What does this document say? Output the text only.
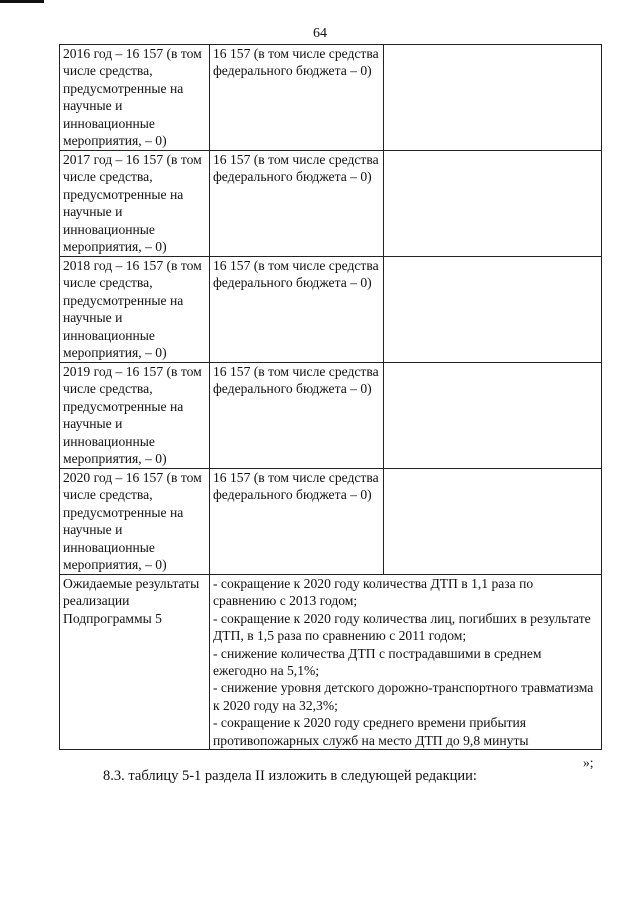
64
2016 год – 16 157 (в том числе средства, предусмотренные на научные и инновационные мероприятия, – 0)	16 157 (в том числе средства федерального бюджета – 0)	
2017 год – 16 157 (в том числе средства, предусмотренные на научные и инновационные мероприятия, – 0)	16 157 (в том числе средства федерального бюджета – 0)	
2018 год – 16 157 (в том числе средства, предусмотренные на научные и инновационные мероприятия, – 0)	16 157 (в том числе средства федерального бюджета – 0)	
2019 год – 16 157 (в том числе средства, предусмотренные на научные и инновационные мероприятия, – 0)	16 157 (в том числе средства федерального бюджета – 0)	
2020 год – 16 157 (в том числе средства, предусмотренные на научные и инновационные мероприятия, – 0)	16 157 (в том числе средства федерального бюджета – 0)	
Ожидаемые результаты реализации Подпрограммы 5	- сокращение к 2020 году количества ДТП в 1,1 раза по сравнению с 2013 годом;
- сокращение к 2020 году количества лиц, погибших в результате ДТП, в 1,5 раза по сравнению с 2011 годом;
- снижение количества ДТП с пострадавшими в среднем ежегодно на 5,1%;
- снижение уровня детского дорожно-транспортного травматизма к 2020 году на 32,3%;
- сокращение к 2020 году среднего времени прибытия противопожарных служб на место ДТП до 9,8 минуты	
»;
8.3. таблицу 5-1 раздела II изложить в следующей редакции:
